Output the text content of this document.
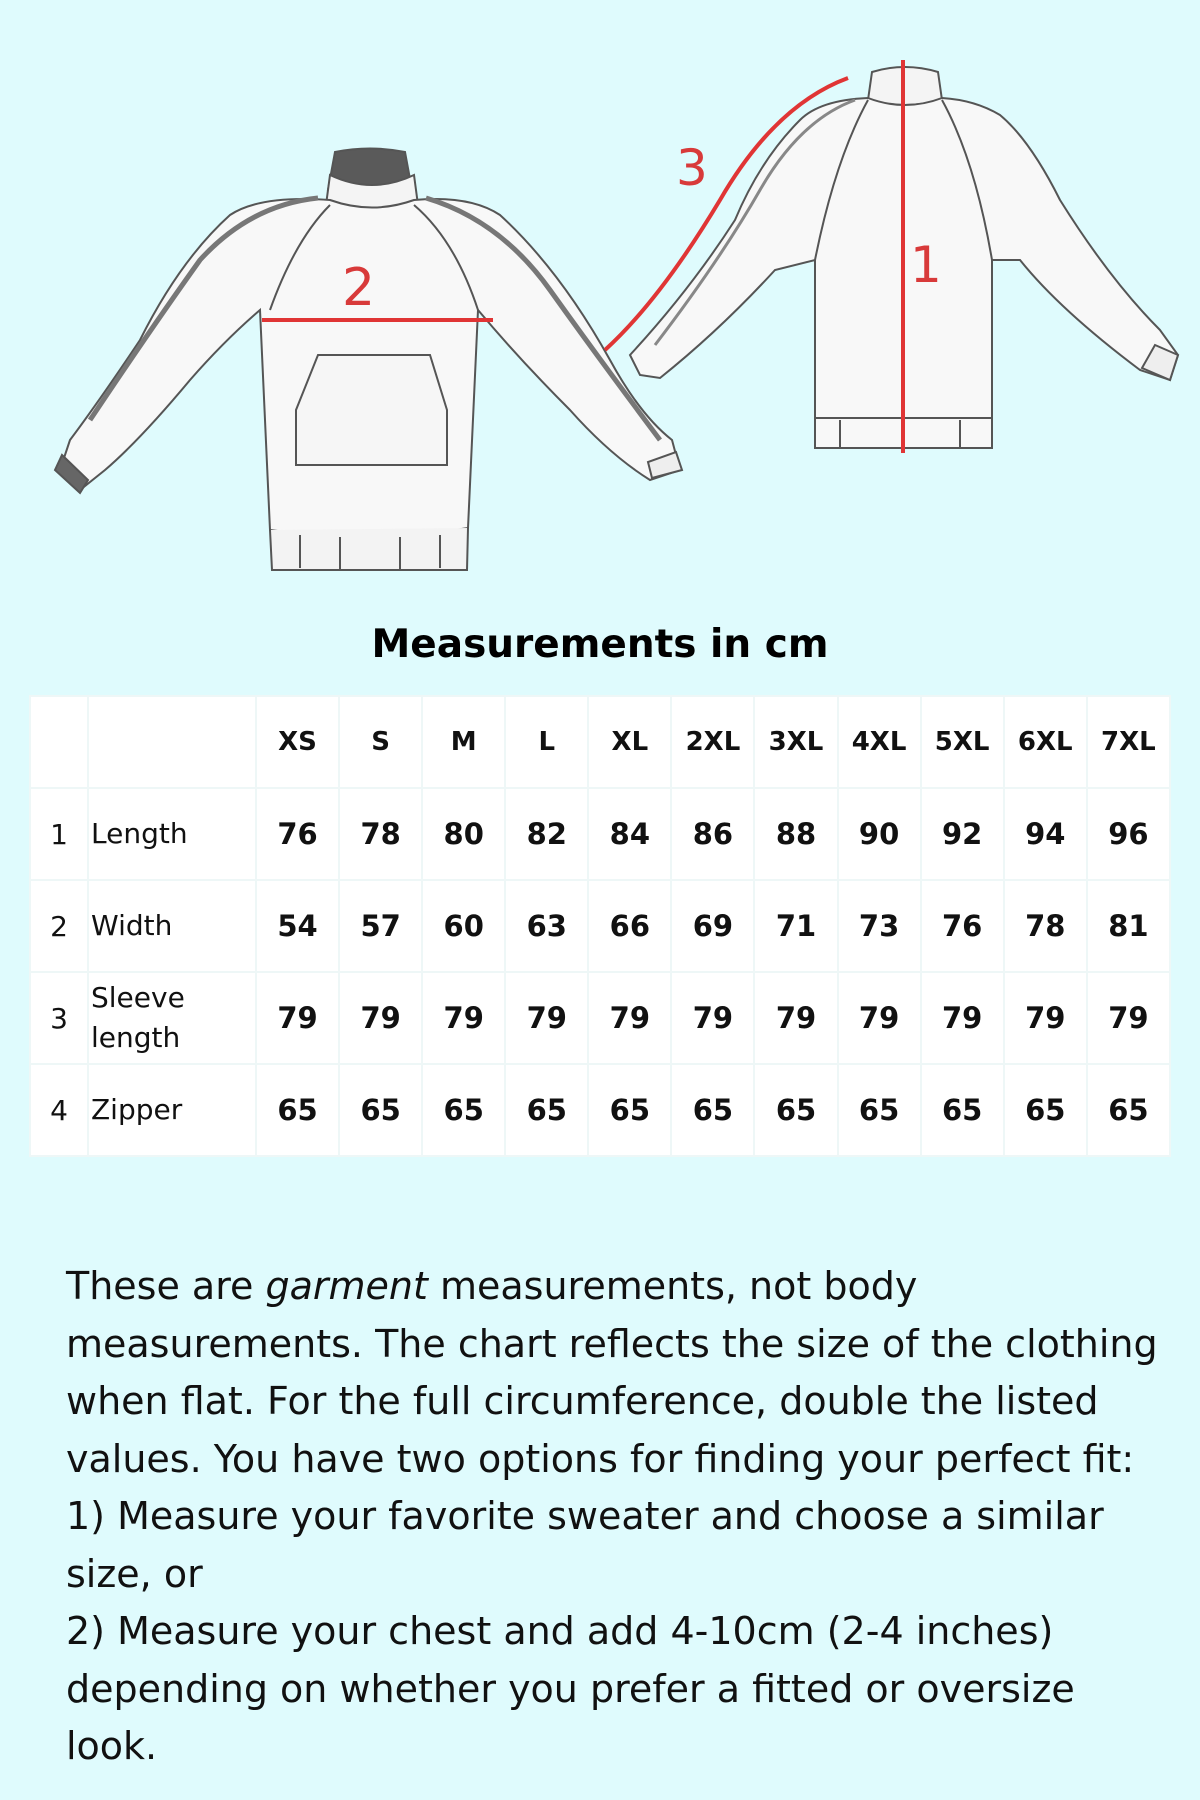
2	1
3
Measurements in cm
		XS	S	M	L	XL	2XL	3XL	4XL	5XL	6XL	7XL
1	Length	76	78	80	82	84	86	88	90	92	94	96
2	Width	54	57	60	63	66	69	71	73	76	78	81
3	Sleeve length	79	79	79	79	79	79	79	79	79	79	79
4	Zipper	65	65	65	65	65	65	65	65	65	65	65

These are garment measurements, not body measurements. The chart reflects the size of the clothing when flat. For the full circumference, double the listed values. You have two options for finding your perfect fit:

1) Measure your favorite sweater and choose a similar size, or

2) Measure your chest and add 4-10cm (2-4 inches) depending on whether you prefer a fitted or oversize look.
